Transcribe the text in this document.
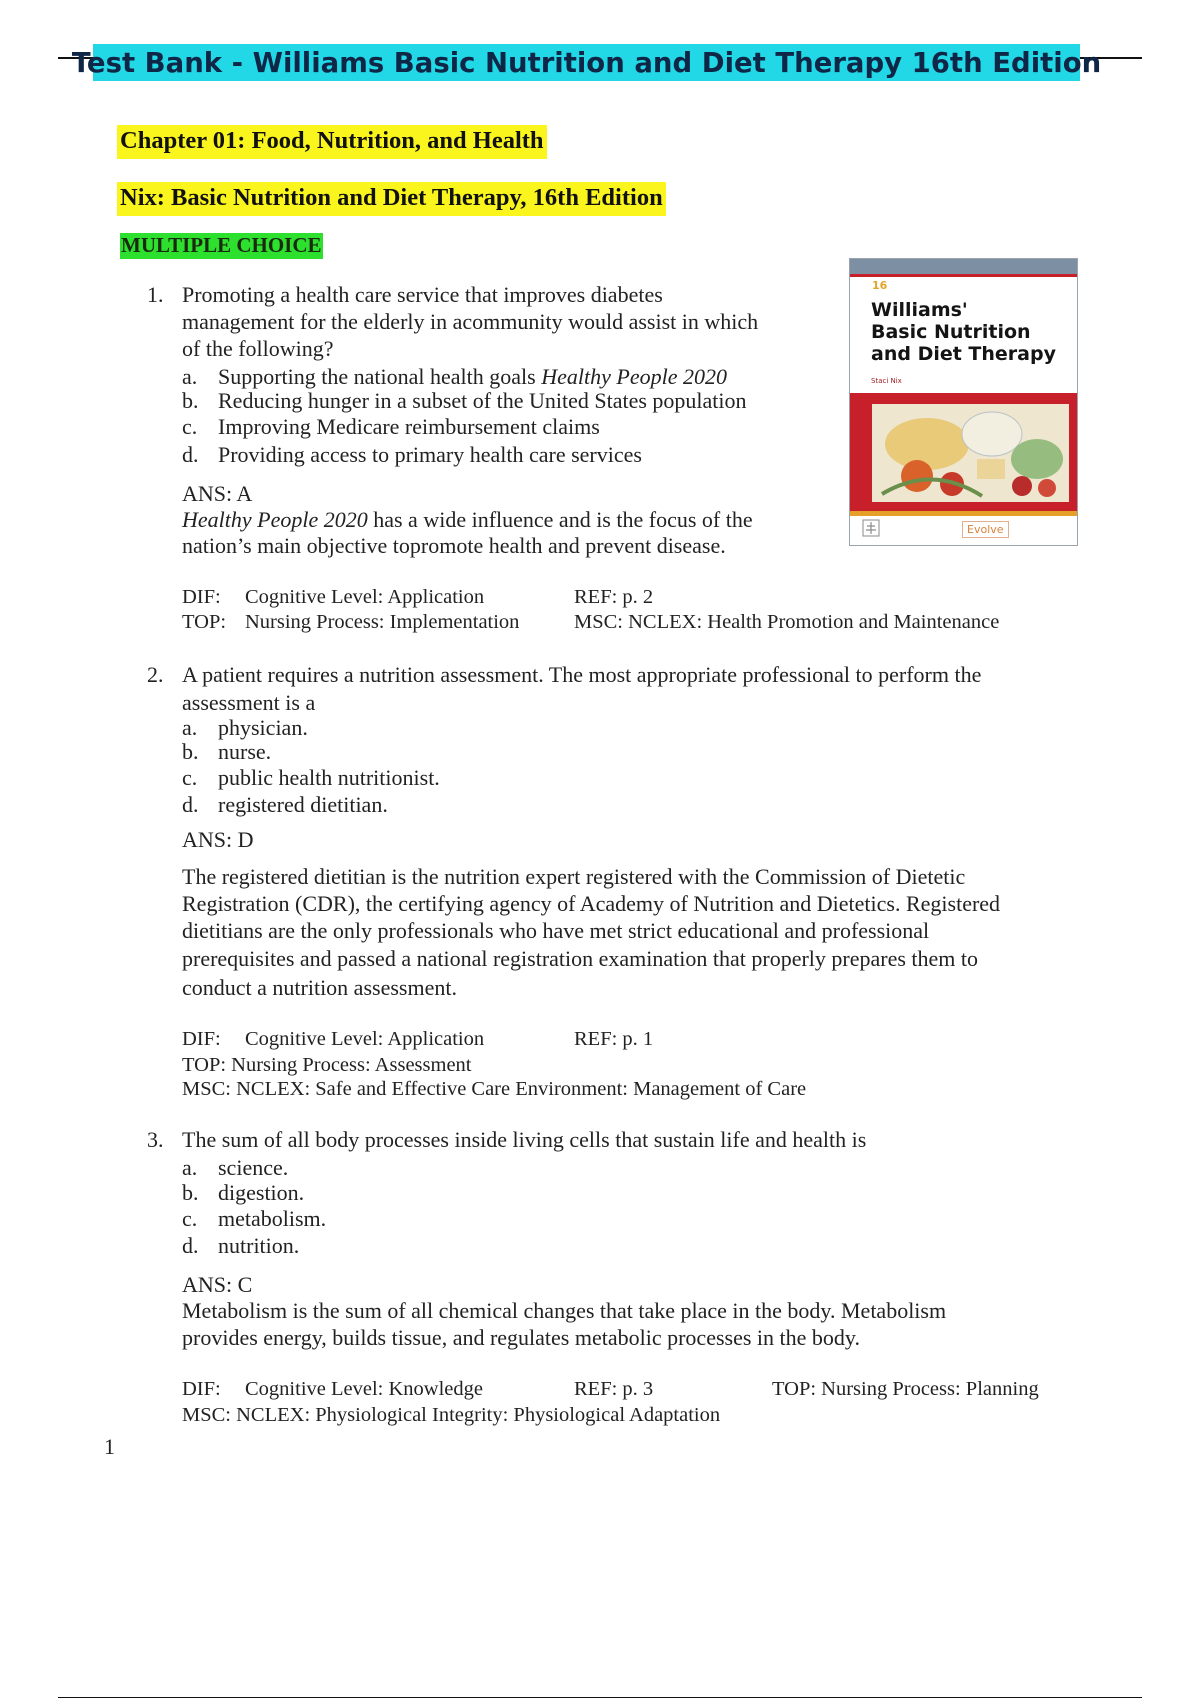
Test Bank - Williams Basic Nutrition and Diet Therapy 16th Edition
Chapter 01: Food, Nutrition, and Health
Nix: Basic Nutrition and Diet Therapy, 16th Edition
MULTIPLE CHOICE
16
Williams'
Basic Nutrition
and Diet Therapy
Staci Nix
Evolve
1. Promoting a health care service that improves diabetes
management for the elderly in acommunity would assist in which
of the following?
a. Supporting the national health goals Healthy People 2020
b. Reducing hunger in a subset of the United States population
c. Improving Medicare reimbursement claims
d. Providing access to primary health care services
ANS: A
Healthy People 2020 has a wide influence and is the focus of the
nation’s main objective topromote health and prevent disease.
DIF: Cognitive Level: Application	REF: p. 2
TOP: Nursing Process: Implementation	MSC: NCLEX: Health Promotion and Maintenance
2. A patient requires a nutrition assessment. The most appropriate professional to perform the
assessment is a
a. physician.
b. nurse.
c. public health nutritionist.
d. registered dietitian.
ANS: D
The registered dietitian is the nutrition expert registered with the Commission of Dietetic
Registration (CDR), the certifying agency of Academy of Nutrition and Dietetics. Registered
dietitians are the only professionals who have met strict educational and professional
prerequisites and passed a national registration examination that properly prepares them to
conduct a nutrition assessment.
DIF: Cognitive Level: Application	REF: p. 1
TOP: Nursing Process: Assessment
MSC: NCLEX: Safe and Effective Care Environment: Management of Care
3. The sum of all body processes inside living cells that sustain life and health is
a. science.
b. digestion.
c. metabolism.
d. nutrition.
ANS: C
Metabolism is the sum of all chemical changes that take place in the body. Metabolism
provides energy, builds tissue, and regulates metabolic processes in the body.
DIF: Cognitive Level: Knowledge	REF: p. 3	TOP: Nursing Process: Planning
MSC: NCLEX: Physiological Integrity: Physiological Adaptation
1
